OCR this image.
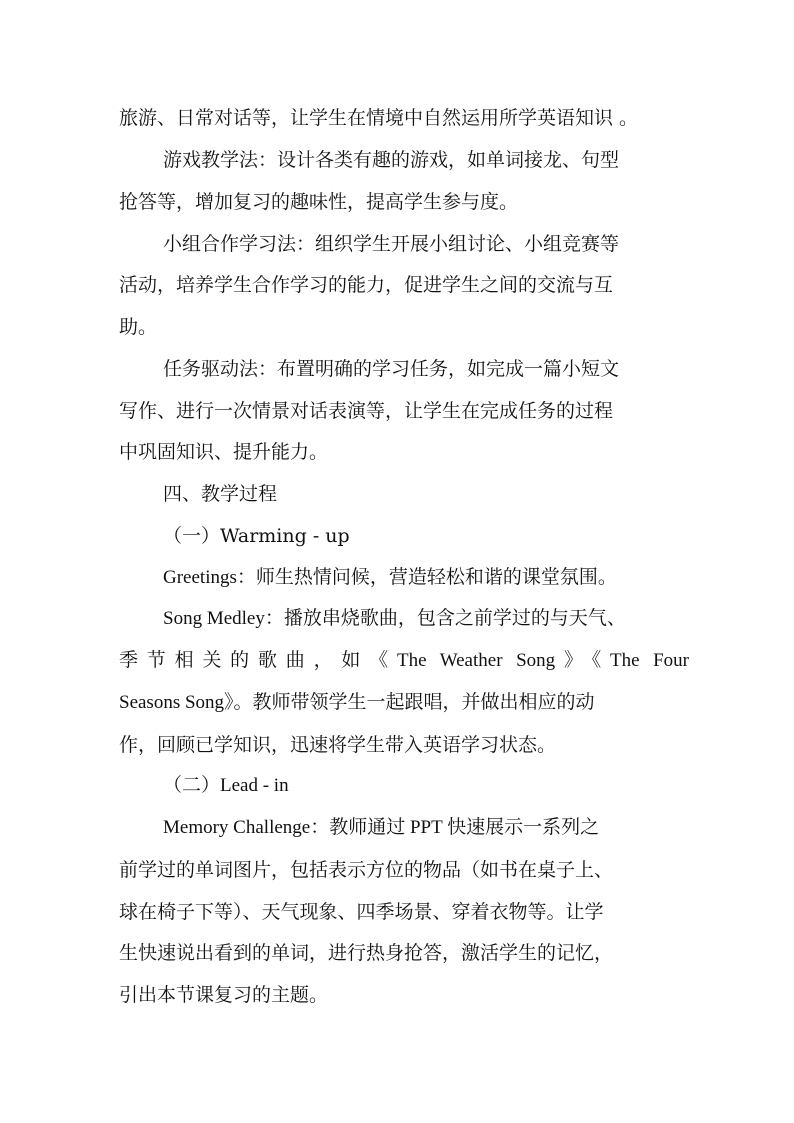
旅游、日常对话等，让学生在情境中自然运用所学英语知识 。
游戏教学法：设计各类有趣的游戏，如单词接龙、句型
抢答等，增加复习的趣味性，提高学生参与度。
小组合作学习法：组织学生开展小组讨论、小组竞赛等
活动，培养学生合作学习的能力，促进学生之间的交流与互
助。
任务驱动法：布置明确的学习任务，如完成一篇小短文
写作、进行一次情景对话表演等，让学生在完成任务的过程
中巩固知识、提升能力。
四、教学过程
（一）Warming - up
Greetings：师生热情问候，营造轻松和谐的课堂氛围。
Song Medley：播放串烧歌曲，包含之前学过的与天气、
季节相关的歌曲，如《The Weather Song》《The Four
Seasons Song》。教师带领学生一起跟唱，并做出相应的动
作，回顾已学知识，迅速将学生带入英语学习状态。
（二）Lead - in
Memory Challenge：教师通过 PPT 快速展示一系列之
前学过的单词图片，包括表示方位的物品（如书在桌子上、
球在椅子下等）、天气现象、四季场景、穿着衣物等。让学
生快速说出看到的单词，进行热身抢答，激活学生的记忆，
引出本节课复习的主题。
